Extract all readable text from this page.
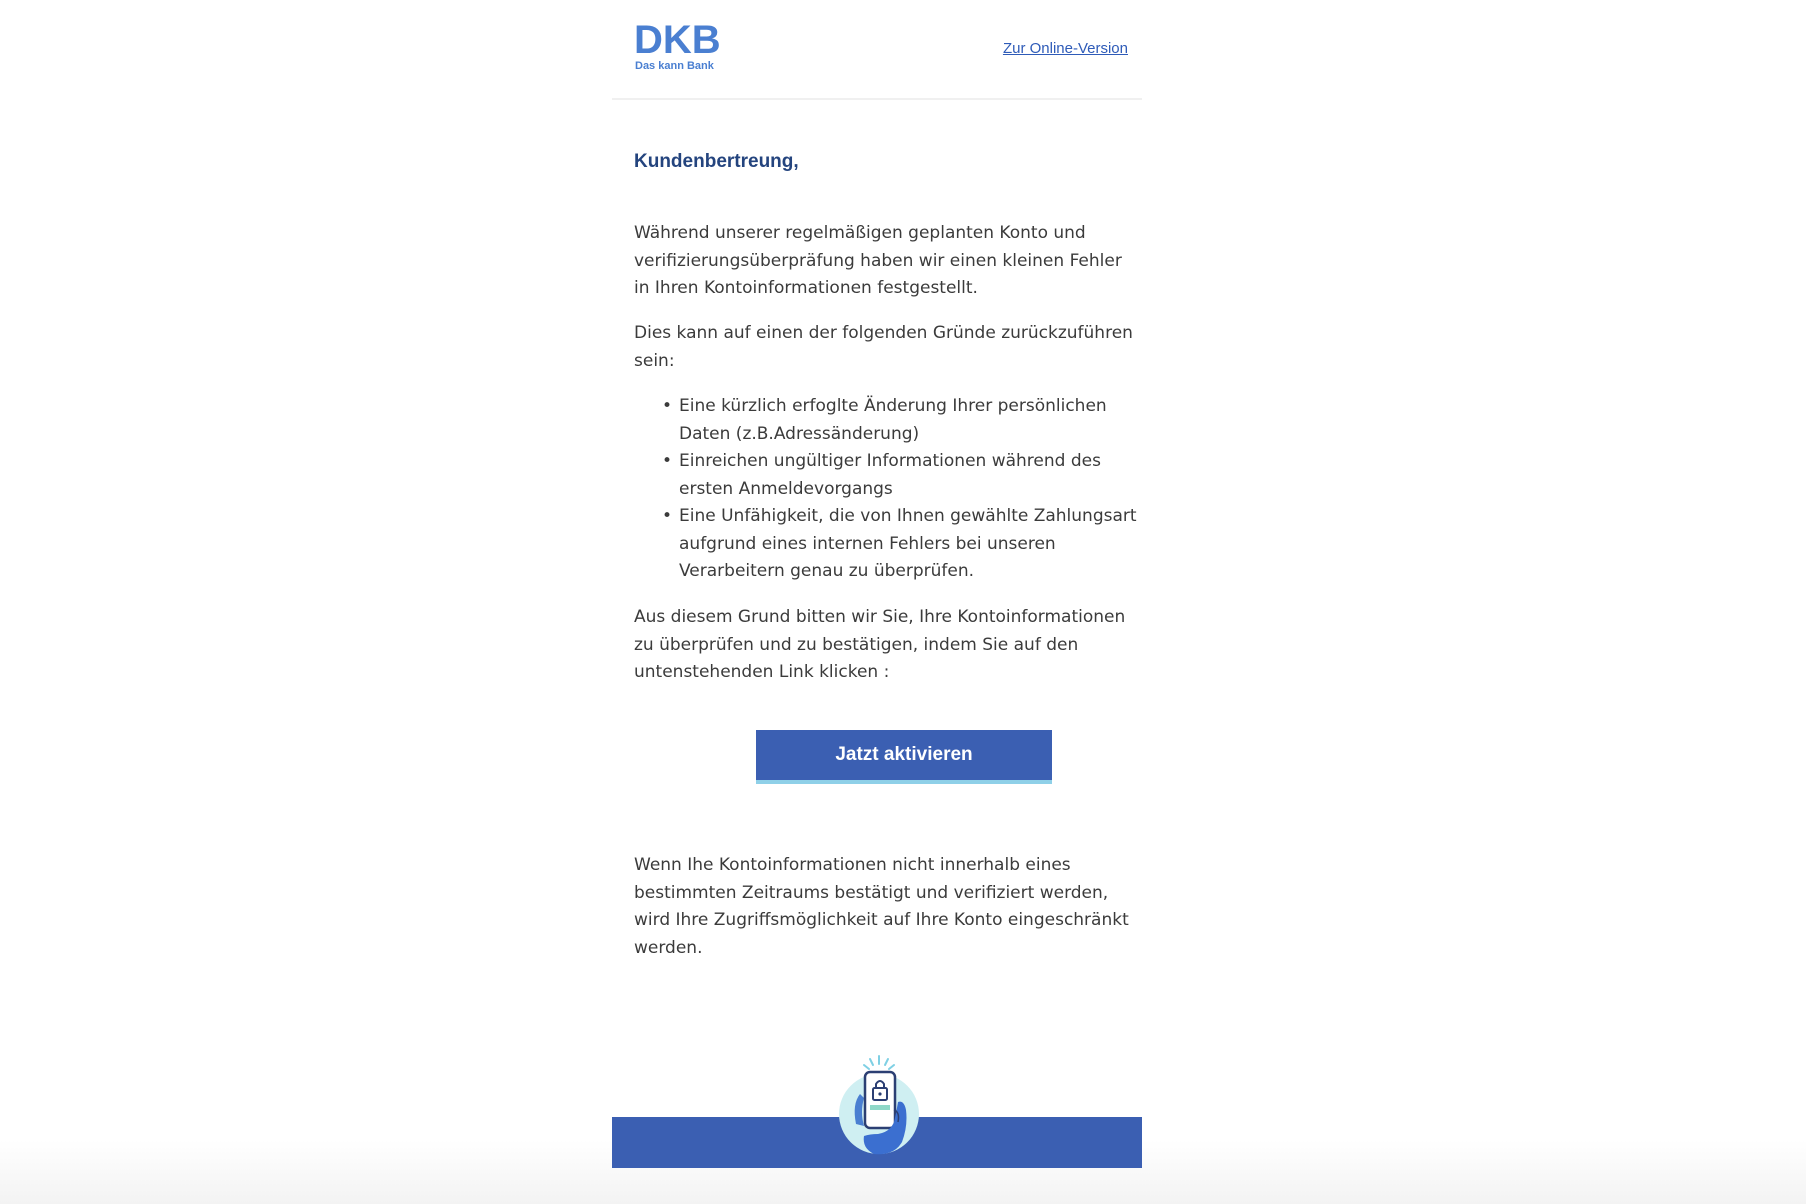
DKB
Das kann Bank
Zur Online-Version
Kundenbertreung,

Während unserer regelmäßigen geplanten Konto und verifizierungsüberpräfung haben wir einen kleinen Fehler in Ihren Kontoinformationen festgestellt.

Dies kann auf einen der folgenden Gründe zurückzuführen sein:

• Eine kürzlich erfoglte Änderung Ihrer persönlichen Daten (z.B.Adressänderung)
• Einreichen ungültiger Informationen während des ersten Anmeldevorgangs
• Eine Unfähigkeit, die von Ihnen gewählte Zahlungsart aufgrund eines internen Fehlers bei unseren Verarbeitern genau zu überprüfen.

Aus diesem Grund bitten wir Sie, Ihre Kontoinformationen zu überprüfen und zu bestätigen, indem Sie auf den untenstehenden Link klicken :

Jatzt aktivieren

Wenn Ihe Kontoinformationen nicht innerhalb eines bestimmten Zeitraums bestätigt und verifiziert werden, wird Ihre Zugriffsmöglichkeit auf Ihre Konto eingeschränkt werden.
